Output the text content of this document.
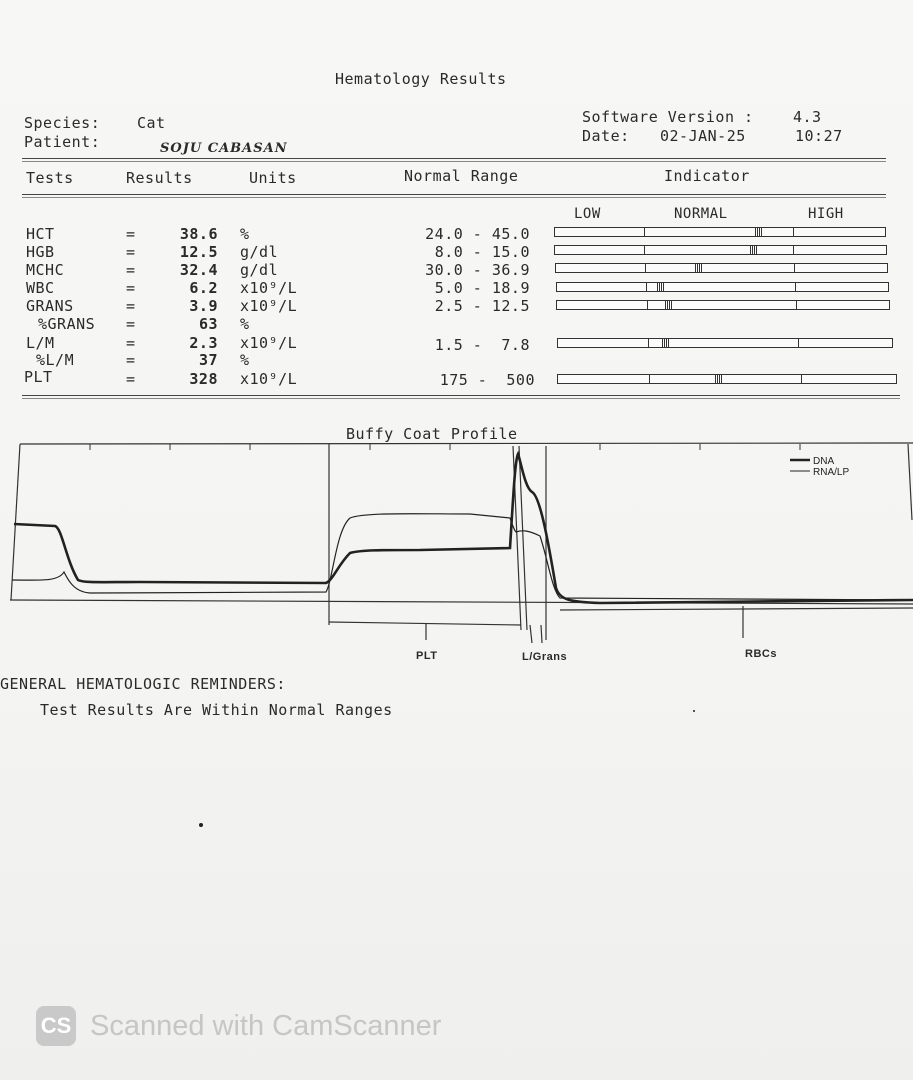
Hematology Results
Species: Cat
Patient:	SOJU CABASAN
Software Version :	4.3
Date: 02-JAN-25	10:27
Tests	Results	Units	Normal Range	Indicator
LOW	NORMAL	HIGH
HCT	=	38.6 %	24.0 - 45.0
HGB	=	12.5 g/dl	8.0 - 15.0
MCHC	=	32.4 g/dl	30.0 - 36.9
WBC	=	6.2 x10⁹/L	5.0 - 18.9
GRANS	=	3.9 x10⁹/L	2.5 - 12.5
%GRANS =	63 %
L/M	=	2.3 x10⁹/L	1.5 -  7.8
%L/M	=	37 %
PLT	=	328 x10⁹/L	175 -  500
Buffy Coat Profile
DNA
RNA/LP
PLT	L/Grans	RBCs
GENERAL HEMATOLOGIC REMINDERS:
Test Results Are Within Normal Ranges
CS Scanned with CamScanner
